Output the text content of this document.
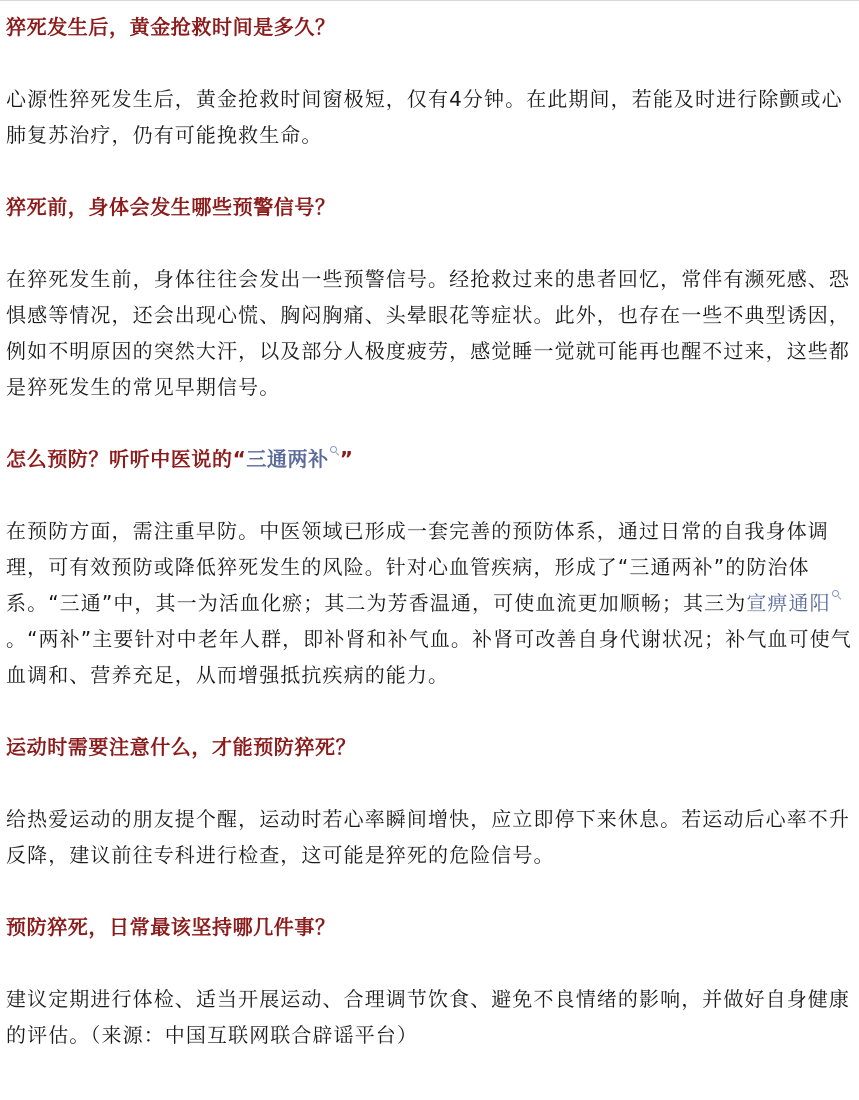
猝死发生后，黄金抢救时间是多久？

心源性猝死发生后，黄金抢救时间窗极短，仅有4分钟。在此期间，若能及时进行除颤或心肺复苏治疗，仍有可能挽救生命。

猝死前，身体会发生哪些预警信号？

在猝死发生前，身体往往会发出一些预警信号。经抢救过来的患者回忆，常伴有濒死感、恐惧感等情况，还会出现心慌、胸闷胸痛、头晕眼花等症状。此外，也存在一些不典型诱因，例如不明原因的突然大汗，以及部分人极度疲劳，感觉睡一觉就可能再也醒不过来，这些都是猝死发生的常见早期信号。

怎么预防？听听中医说的“三通两补 ”

在预防方面，需注重早防。中医领域已形成一套完善的预防体系，通过日常的自我身体调理，可有效预防或降低猝死发生的风险。针对心血管疾病，形成了“三通两补”的防治体系。“三通”中，其一为活血化瘀；其二为芳香温通，可使血流更加顺畅；其三为宣痹通阳。“两补”主要针对中老年人群，即补肾和补气血。补肾可改善自身代谢状况；补气血可使气血调和、营养充足，从而增强抵抗疾病的能力。

运动时需要注意什么，才能预防猝死？

给热爱运动的朋友提个醒，运动时若心率瞬间增快，应立即停下来休息。若运动后心率不升反降，建议前往专科进行检查，这可能是猝死的危险信号。

预防猝死，日常最该坚持哪几件事？

建议定期进行体检、适当开展运动、合理调节饮食、避免不良情绪的影响，并做好自身健康的评估。（来源：中国互联网联合辟谣平台）
